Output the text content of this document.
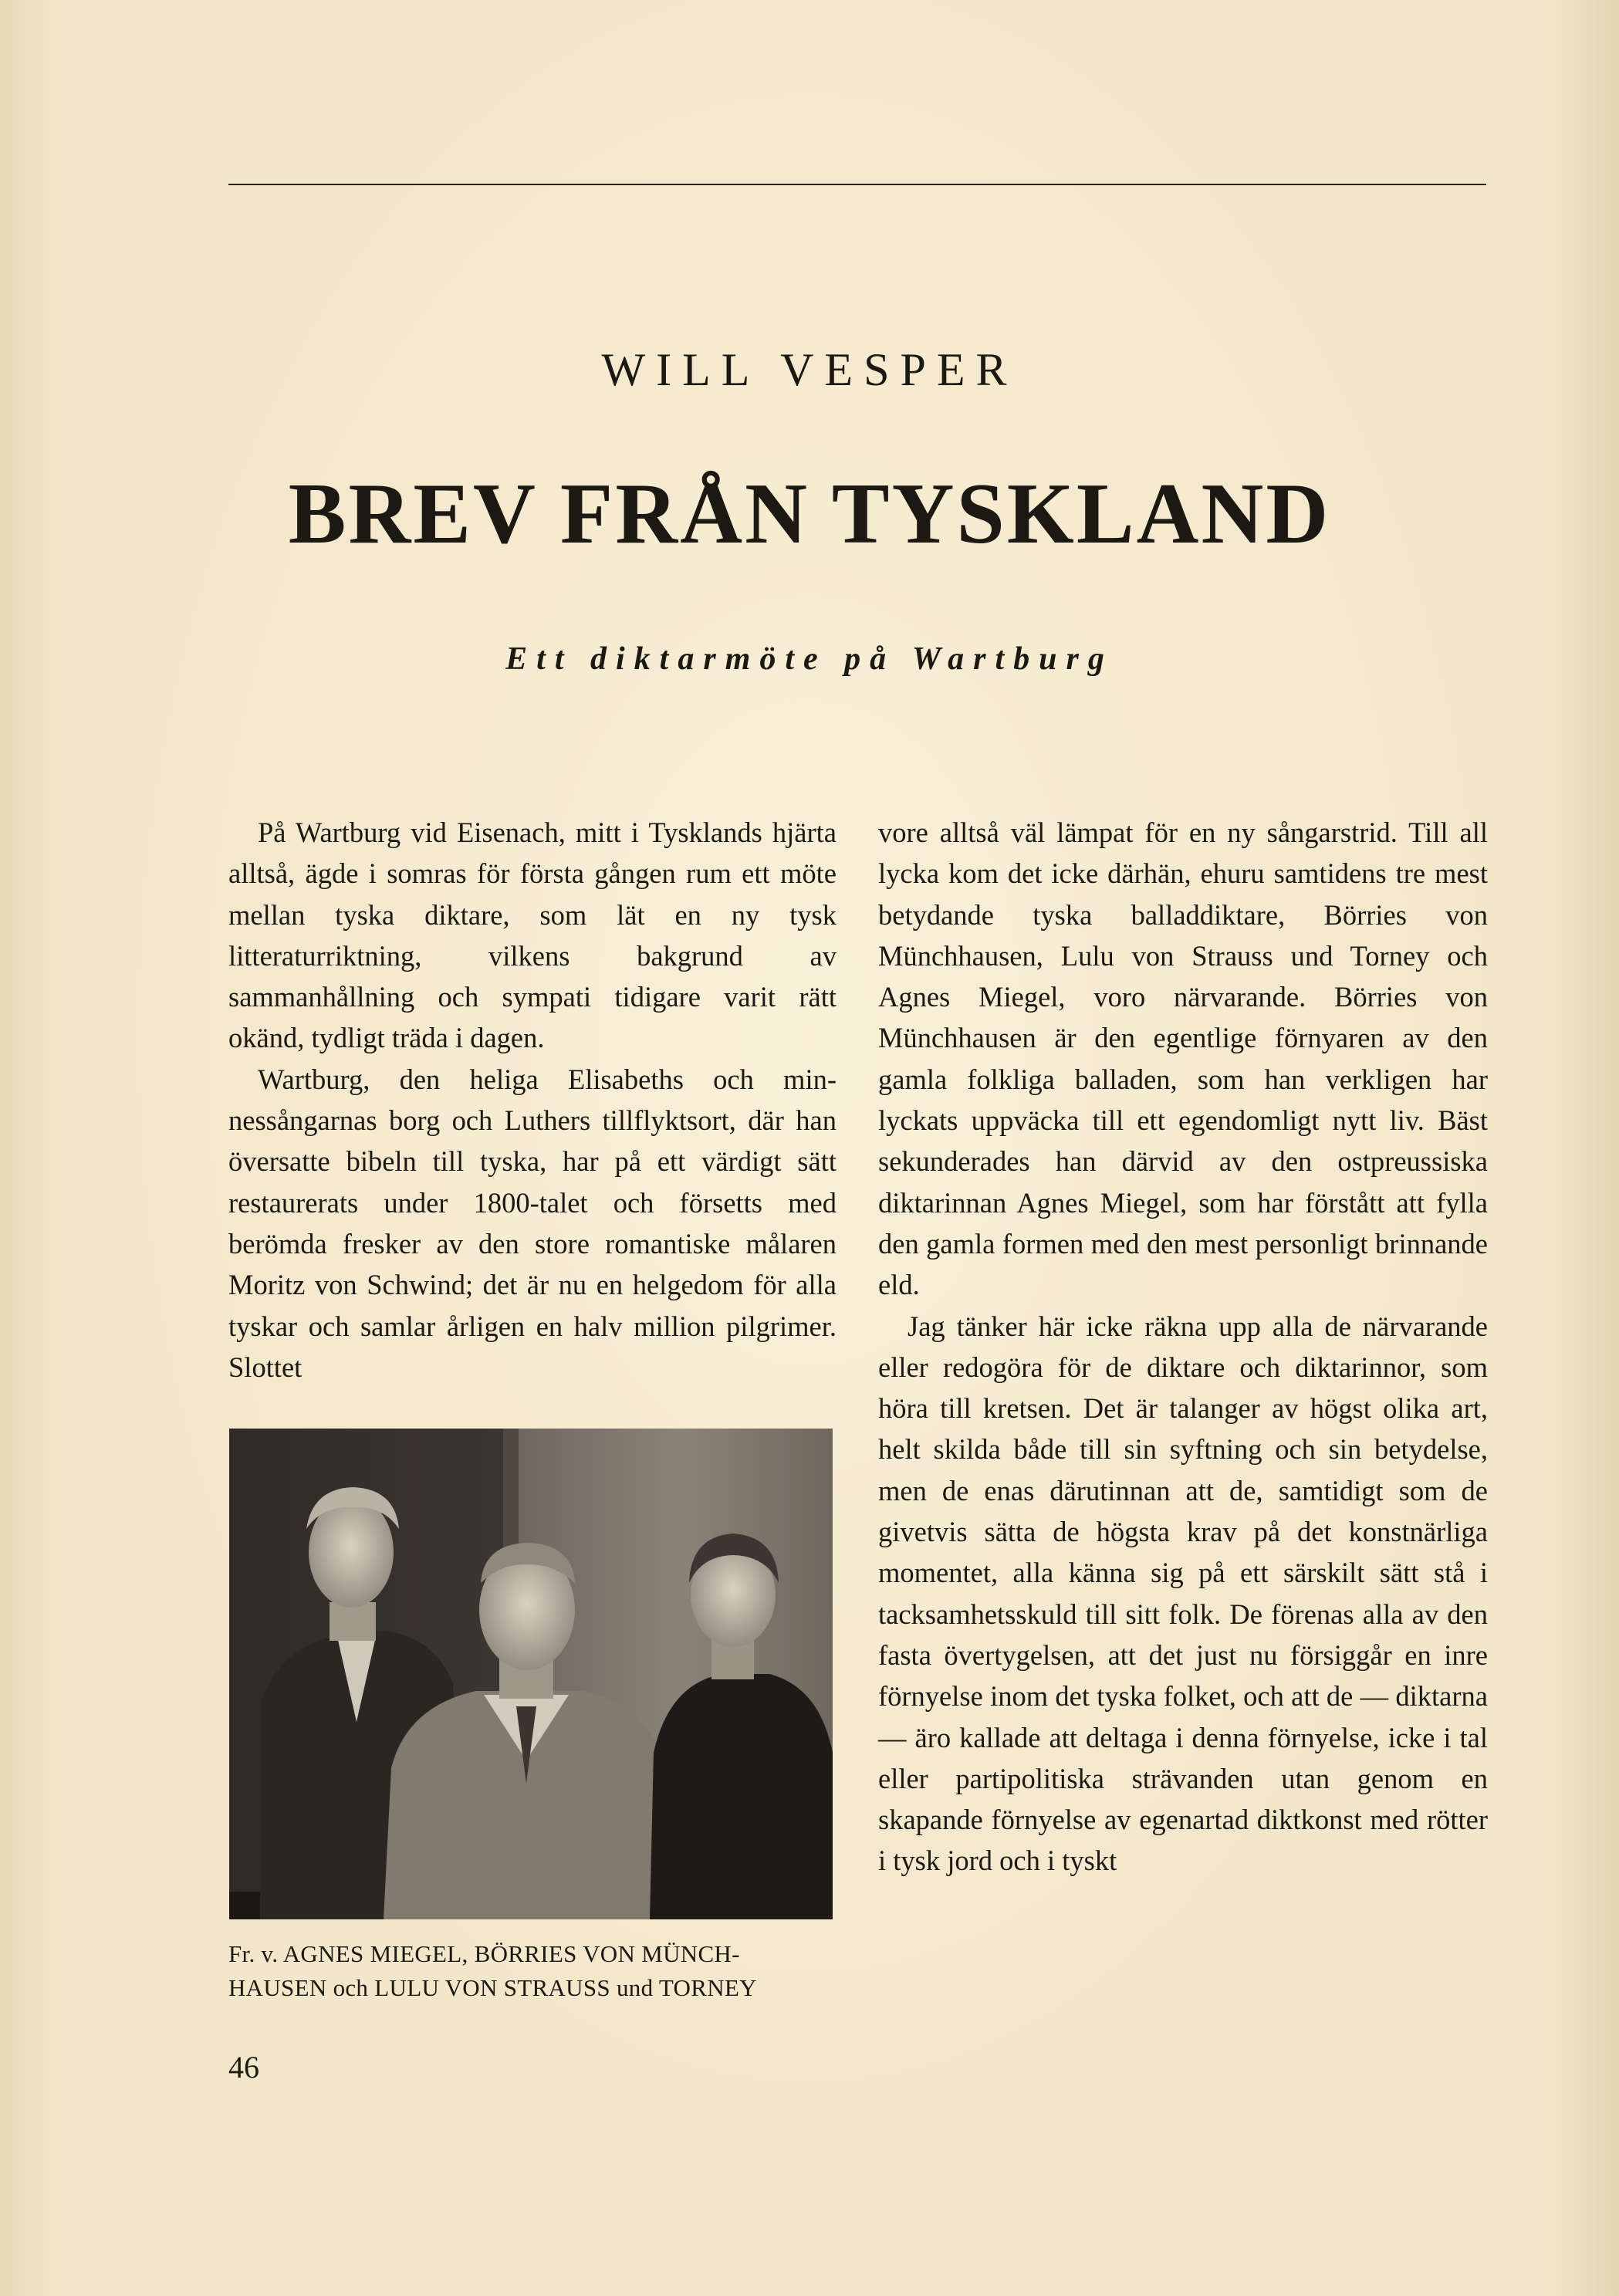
WILL VESPER
BREV FRÅN TYSKLAND
Ett diktarmöte på Wartburg

På Wartburg vid Eisenach, mitt i Tysklands hjärta alltså, ägde i somras för första gången rum ett möte mellan tyska diktare, som lät en ny tysk litteraturriktning, vilkens bakgrund av sammanhållning och sympati tidigare varit rätt okänd, tydligt träda i dagen.

Wartburg, den heliga Elisabeths och minnessångarnas borg och Luthers tillflyktsort, där han översatte bibeln till tyska, har på ett värdigt sätt restaurerats under 1800-talet och försetts med berömda fresker av den store romantiske målaren Moritz von Schwind; det är nu en helgedom för alla tyskar och samlar årligen en halv million pilgrimer. Slottet

Fr. v. AGNES MIEGEL, BÖRRIES VON MÜNCH-
HAUSEN och LULU VON STRAUSS und TORNEY

vore alltså väl lämpat för en ny sångarstrid. Till all lycka kom det icke därhän, ehuru samtidens tre mest betydande tyska balladdiktare, Börries von Münchhausen, Lulu von Strauss und Torney och Agnes Miegel, voro närvarande. Börries von Münchhausen är den egentlige förnyaren av den gamla folkliga balladen, som han verkligen har lyckats uppväcka till ett egendomligt nytt liv. Bäst sekunderades han därvid av den ostpreussiska diktarinnan Agnes Miegel, som har förstått att fylla den gamla formen med den mest personligt brinnande eld.

Jag tänker här icke räkna upp alla de närvarande eller redogöra för de diktare och diktarinnor, som höra till kretsen. Det är talanger av högst olika art, helt skilda både till sin syftning och sin betydelse, men de enas därutinnan att de, samtidigt som de givetvis sätta de högsta krav på det konstnärliga momentet, alla känna sig på ett särskilt sätt stå i tacksamhetsskuld till sitt folk. De förenas alla av den fasta övertygelsen, att det just nu försiggår en inre förnyelse inom det tyska folket, och att de — diktarna — äro kallade att deltaga i denna förnyelse, icke i tal eller partipolitiska strävanden utan genom en skapande förnyelse av egenartad diktkonst med rötter i tysk jord och i tyskt

46
